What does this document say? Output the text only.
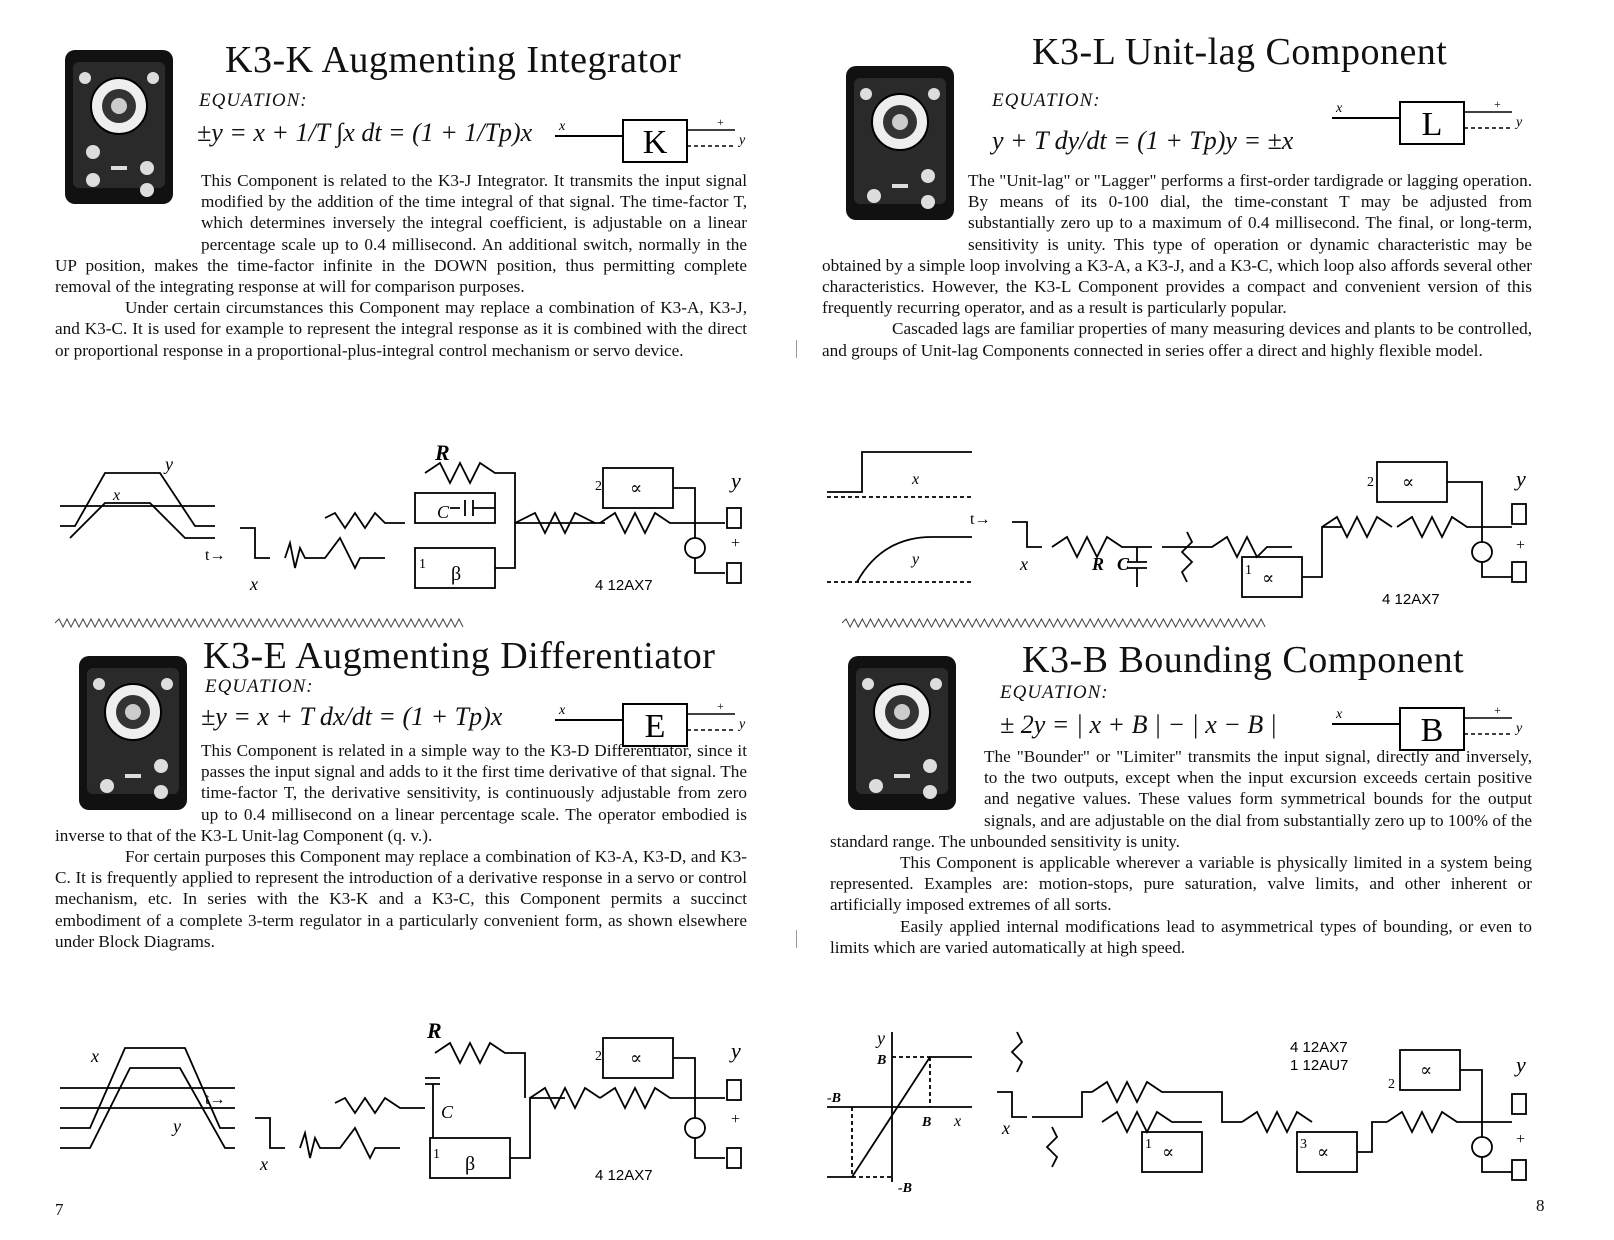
K3-K Augmenting Integrator
EQUATION:
±y = x + 1/T ∫x dt = (1 + 1/Tp)x x K
+
y

This Component is related to the K3-J Integrator. It transmits the input signal modified by the addition of the time integral of that signal. The time-factor T, which determines inversely the integral coefficient, is adjustable on a linear percentage scale up to 0.4 millisecond. An additional switch, normally in the UP position, makes the time-factor infinite in the DOWN position, thus permitting complete removal of the integrating response at will for comparison purposes.

Under certain circumstances this Component may replace a combination of K3-A, K3-J, and K3-C. It is used for example to represent the integral response as it is combined with the direct or proportional response in a proportional-plus-integral control mechanism or servo device.

R
C
β
∝
2
1
4 12AX7
y
+
y
x
t→
x
K3-E Augmenting Differentiator
EQUATION:
±y = x + T dx/dt = (1 + Tp)x	x E
+
y

This Component is related in a simple way to the K3-D Differentiator, since it passes the input signal and adds to it the first time derivative of that signal. The time-factor T, the derivative sensitivity, is continuously adjustable from zero up to 0.4 millisecond on a linear percentage scale. The operator embodied is inverse to that of the K3-L Unit-lag Component (q. v.).

For certain purposes this Component may replace a combination of K3-A, K3-D, and K3-C. It is frequently applied to represent the introduction of a derivative response in a servo or control mechanism, etc. In series with the K3-K and a K3-C, this Component permits a succinct embodiment of a complete 3-term regulator in a particularly convenient form, as shown elsewhere under Block Diagrams.

R
C
β
∝
2
1
4 12AX7
y
+
x
y
t→
x
7
K3-L Unit-lag Component
EQUATION:
y + T dy/dt = (1 + Tp)y = ±x
x L
+
y

The "Unit-lag" or "Lagger" performs a first-order tardigrade or lagging operation. By means of its 0-100 dial, the time-constant T may be adjusted from substantially zero up to a maximum of 0.4 millisecond. The final, or long-term, sensitivity is unity. This type of operation or dynamic characteristic may be obtained by a simple loop involving a K3-A, a K3-J, and a K3-C, which loop also affords several other characteristics. However, the K3-L Component provides a compact and convenient version of this frequently recurring operator, and as a result is particularly popular.

Cascaded lags are familiar properties of many measuring devices and plants to be controlled, and groups of Unit-lag Components connected in series offer a direct and highly flexible model.

x
y
t→
x	R C
∝
∝
2
1
4 12AX7
y
+
K3-B Bounding Component
EQUATION:
± 2y = | x + B | − | x − B |	x B
+
y

The "Bounder" or "Limiter" transmits the input signal, directly and inversely, to the two outputs, except when the input excursion exceeds certain positive and negative values. These values form symmetrical bounds for the output signals, and are adjustable on the dial from substantially zero up to 100% of the standard range. The unbounded sensitivity is unity.

This Component is applicable wherever a variable is physically limited in a system being represented. Examples are: motion-stops, pure saturation, valve limits, and other inherent or artificially imposed extremes of all sorts.

Easily applied internal modifications lead to asymmetrical types of bounding, or even to limits which are varied automatically at high speed.

y
B
-B
B x
-B
x
∝	∝
∝
1	3
2
4 12AX7
1 12AU7	y
+
8
